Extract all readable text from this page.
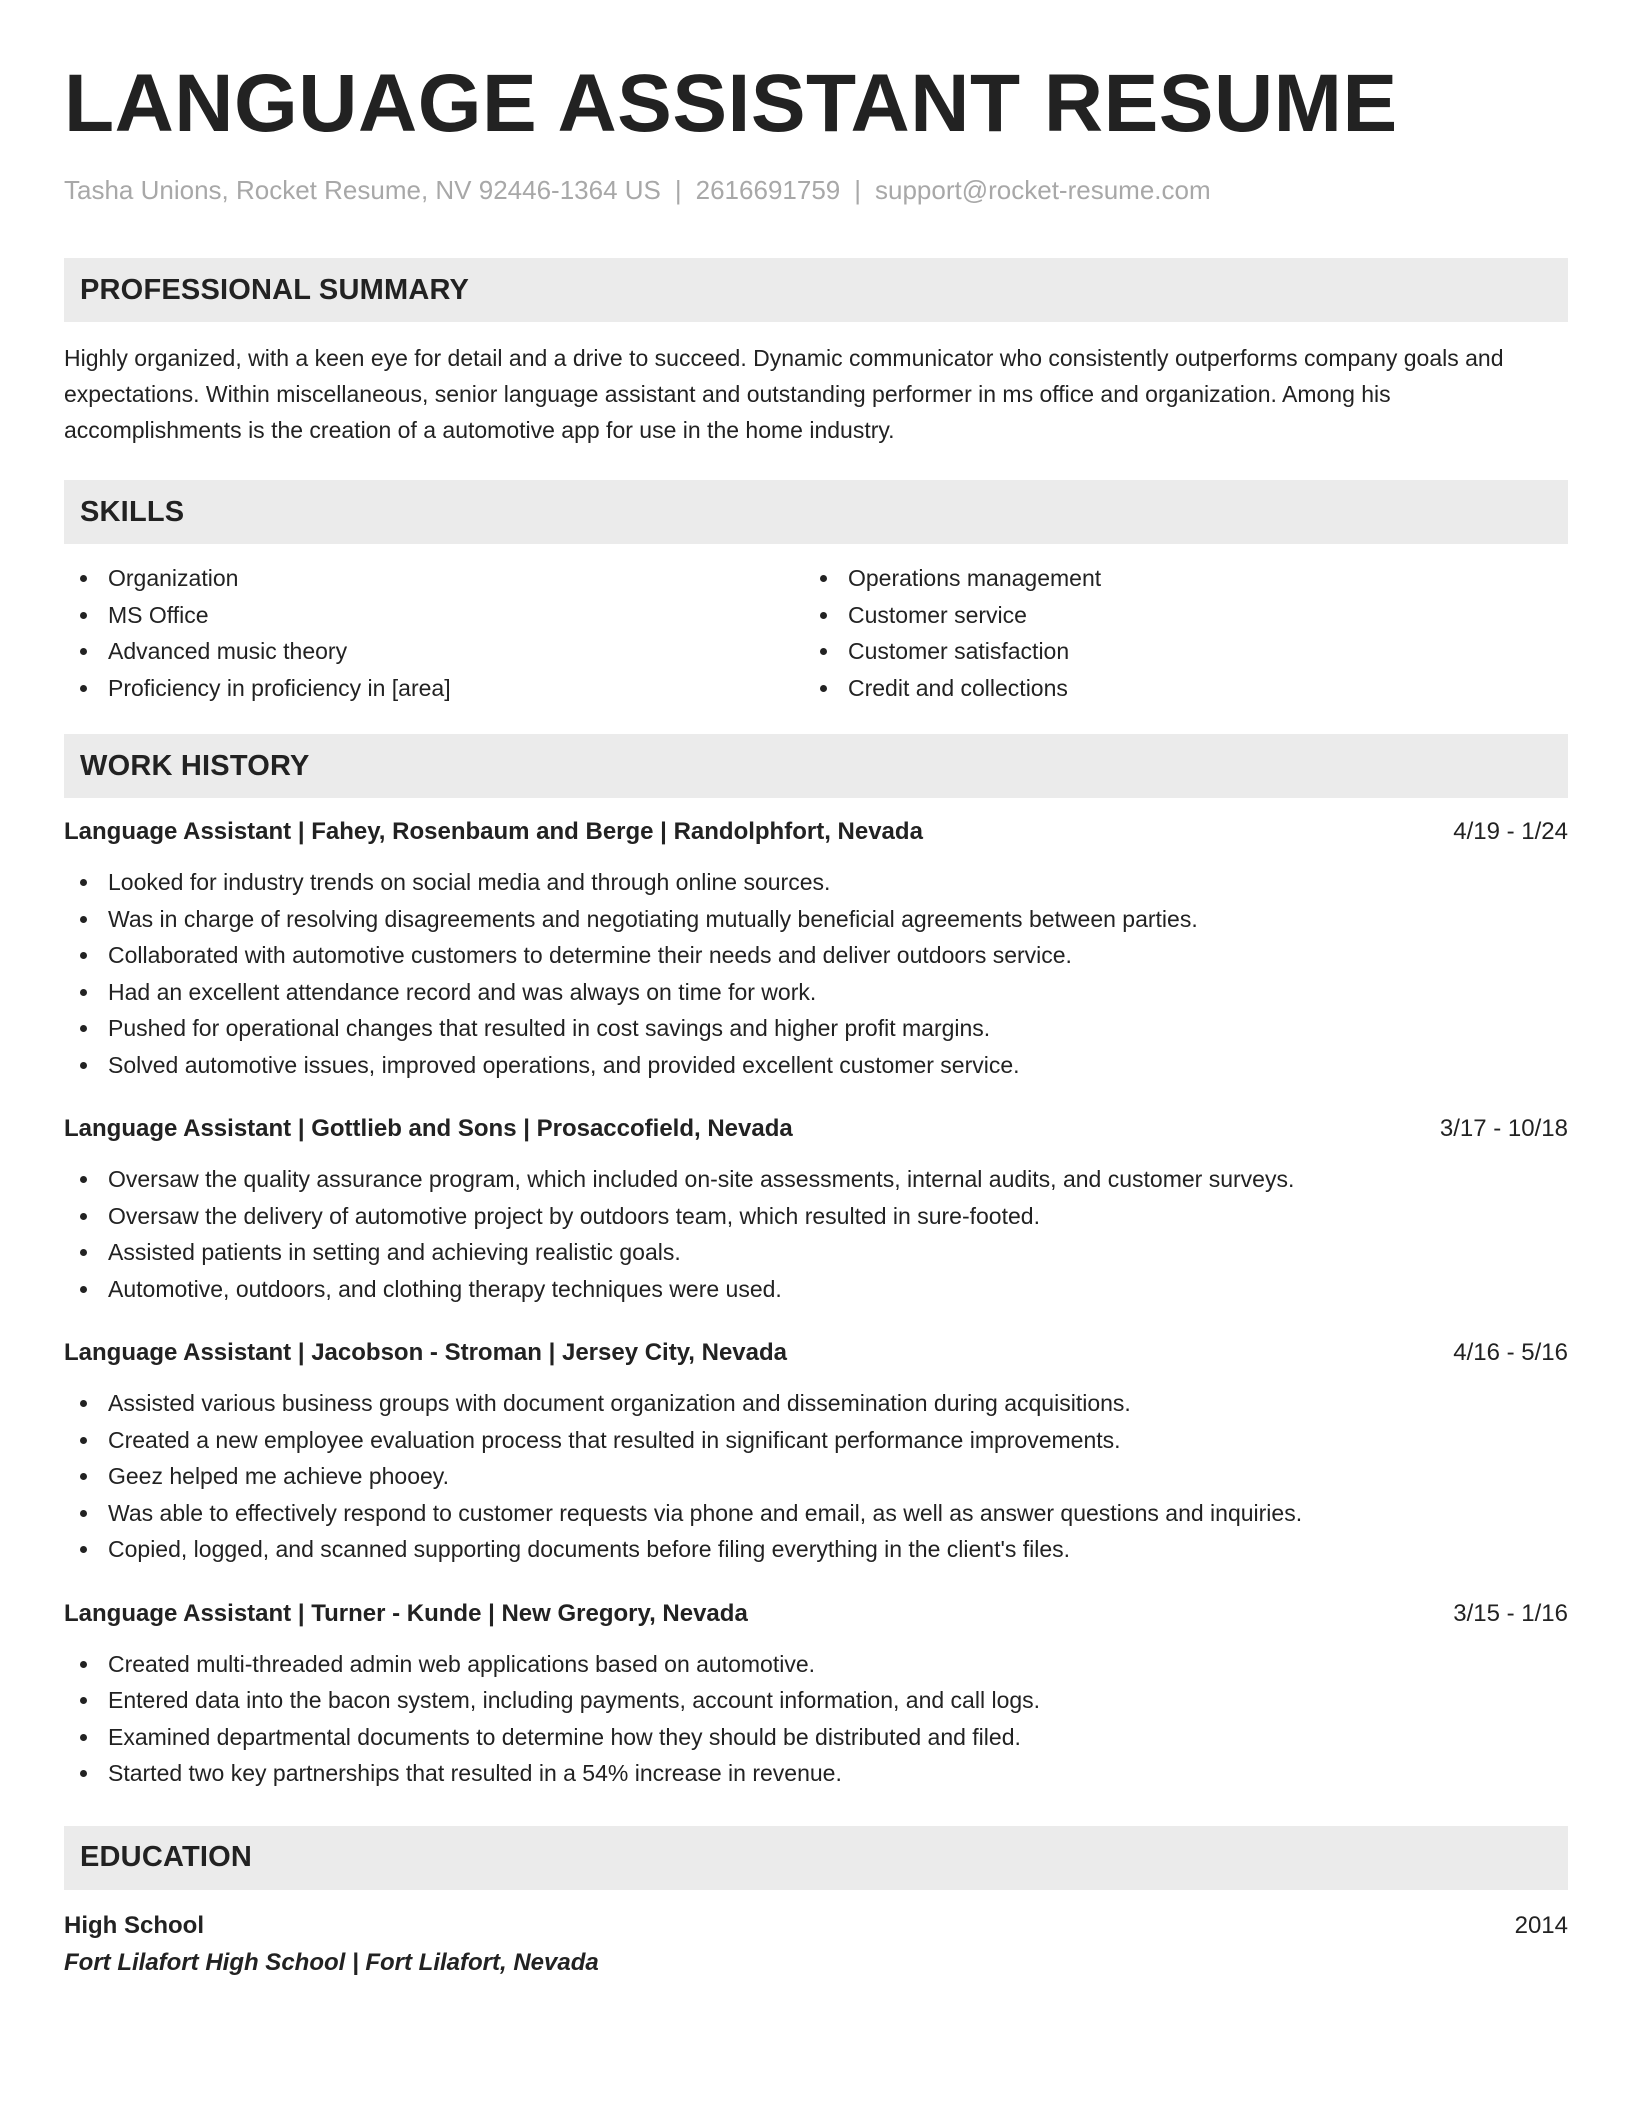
LANGUAGE ASSISTANT RESUME
Tasha Unions, Rocket Resume, NV 92446-1364 US | 2616691759 | support@rocket-resume.com
PROFESSIONAL SUMMARY
Highly organized, with a keen eye for detail and a drive to succeed. Dynamic communicator who consistently outperforms company goals and expectations. Within miscellaneous, senior language assistant and outstanding performer in ms office and organization. Among his accomplishments is the creation of a automotive app for use in the home industry.
SKILLS
Organization
MS Office
Advanced music theory
Proficiency in proficiency in [area]
Operations management
Customer service
Customer satisfaction
Credit and collections
WORK HISTORY
Language Assistant | Fahey, Rosenbaum and Berge | Randolphfort, Nevada	4/19 - 1/24
Looked for industry trends on social media and through online sources.
Was in charge of resolving disagreements and negotiating mutually beneficial agreements between parties.
Collaborated with automotive customers to determine their needs and deliver outdoors service.
Had an excellent attendance record and was always on time for work.
Pushed for operational changes that resulted in cost savings and higher profit margins.
Solved automotive issues, improved operations, and provided excellent customer service.
Language Assistant | Gottlieb and Sons | Prosaccofield, Nevada	3/17 - 10/18
Oversaw the quality assurance program, which included on-site assessments, internal audits, and customer surveys.
Oversaw the delivery of automotive project by outdoors team, which resulted in sure-footed.
Assisted patients in setting and achieving realistic goals.
Automotive, outdoors, and clothing therapy techniques were used.
Language Assistant | Jacobson - Stroman | Jersey City, Nevada	4/16 - 5/16
Assisted various business groups with document organization and dissemination during acquisitions.
Created a new employee evaluation process that resulted in significant performance improvements.
Geez helped me achieve phooey.
Was able to effectively respond to customer requests via phone and email, as well as answer questions and inquiries.
Copied, logged, and scanned supporting documents before filing everything in the client's files.
Language Assistant | Turner - Kunde | New Gregory, Nevada	3/15 - 1/16
Created multi-threaded admin web applications based on automotive.
Entered data into the bacon system, including payments, account information, and call logs.
Examined departmental documents to determine how they should be distributed and filed.
Started two key partnerships that resulted in a 54% increase in revenue.
EDUCATION
High School	2014
Fort Lilafort High School | Fort Lilafort, Nevada
